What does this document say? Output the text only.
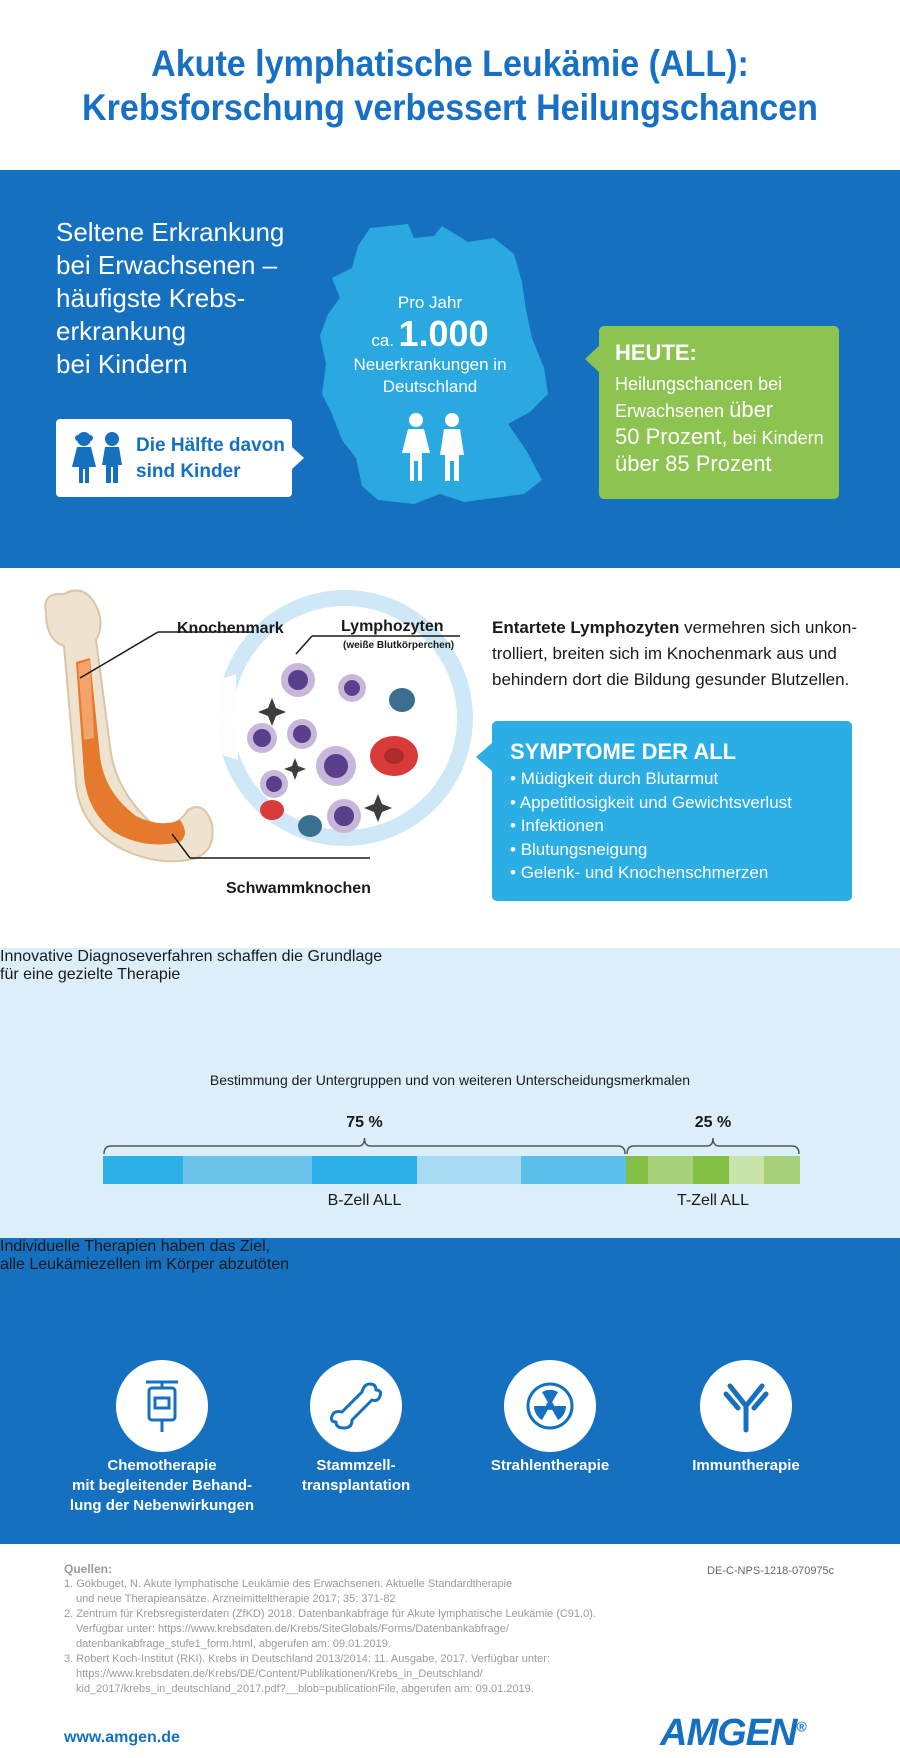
Akute lymphatische Leukämie (ALL):
Krebsforschung verbessert Heilungschancen
Seltene Erkrankung
bei Erwachsenen –
häufigste Krebs-
erkrankung
bei Kindern
Die Hälfte davon
sind Kinder
Pro Jahr
ca. 1.000
Neuerkrankungen in
Deutschland
HEUTE:
Heilungschancen bei
Erwachsenen über
50 Prozent, bei Kindern
über 85 Prozent
Knochenmark	Lymphozyten
(weiße Blutkörperchen)
Schwammknochen
Entartete Lymphozyten vermehren sich unkon-trolliert, breiten sich im Knochenmark aus und behindern dort die Bildung gesunder Blutzellen.
SYMPTOME DER ALL
• Müdigkeit durch Blutarmut
• Appetitlosigkeit und Gewichtsverlust
• Infektionen
• Blutungsneigung
• Gelenk- und Knochenschmerzen
Innovative Diagnoseverfahren schaffen die Grundlage
für eine gezielte Therapie
Bestimmung der Untergruppen und von weiteren Unterscheidungsmerkmalen
75 %	25 %
B-Zell ALL	T-Zell ALL
Individuelle Therapien haben das Ziel,
alle Leukämiezellen im Körper abzutöten
Chemotherapie
mit begleitender Behand-
lung der Nebenwirkungen
Stammzell-
transplantation
Strahlentherapie	Immuntherapie
Quellen:
1. Gökbuget, N. Akute lymphatische Leukämie des Erwachsenen. Aktuelle Standardtherapie
und neue Therapieansätze. Arzneimitteltherapie 2017; 35: 371-82
2. Zentrum für Krebsregisterdaten (ZfKD) 2018. Datenbankabfrage für Akute lymphatische Leukämie (C91.0).
Verfügbar unter: https://www.krebsdaten.de/Krebs/SiteGlobals/Forms/Datenbankabfrage/
datenbankabfrage_stufe1_form.html, abgerufen am: 09.01.2019.
3. Robert Koch-Institut (RKI). Krebs in Deutschland 2013/2014: 11. Ausgabe, 2017. Verfügbar unter:
https://www.krebsdaten.de/Krebs/DE/Content/Publikationen/Krebs_in_Deutschland/
kid_2017/krebs_in_deutschland_2017.pdf?__blob=publicationFile, abgerufen am: 09.01.2019.
DE-C-NPS-1218-070975c
www.amgen.de	AMGEN®
